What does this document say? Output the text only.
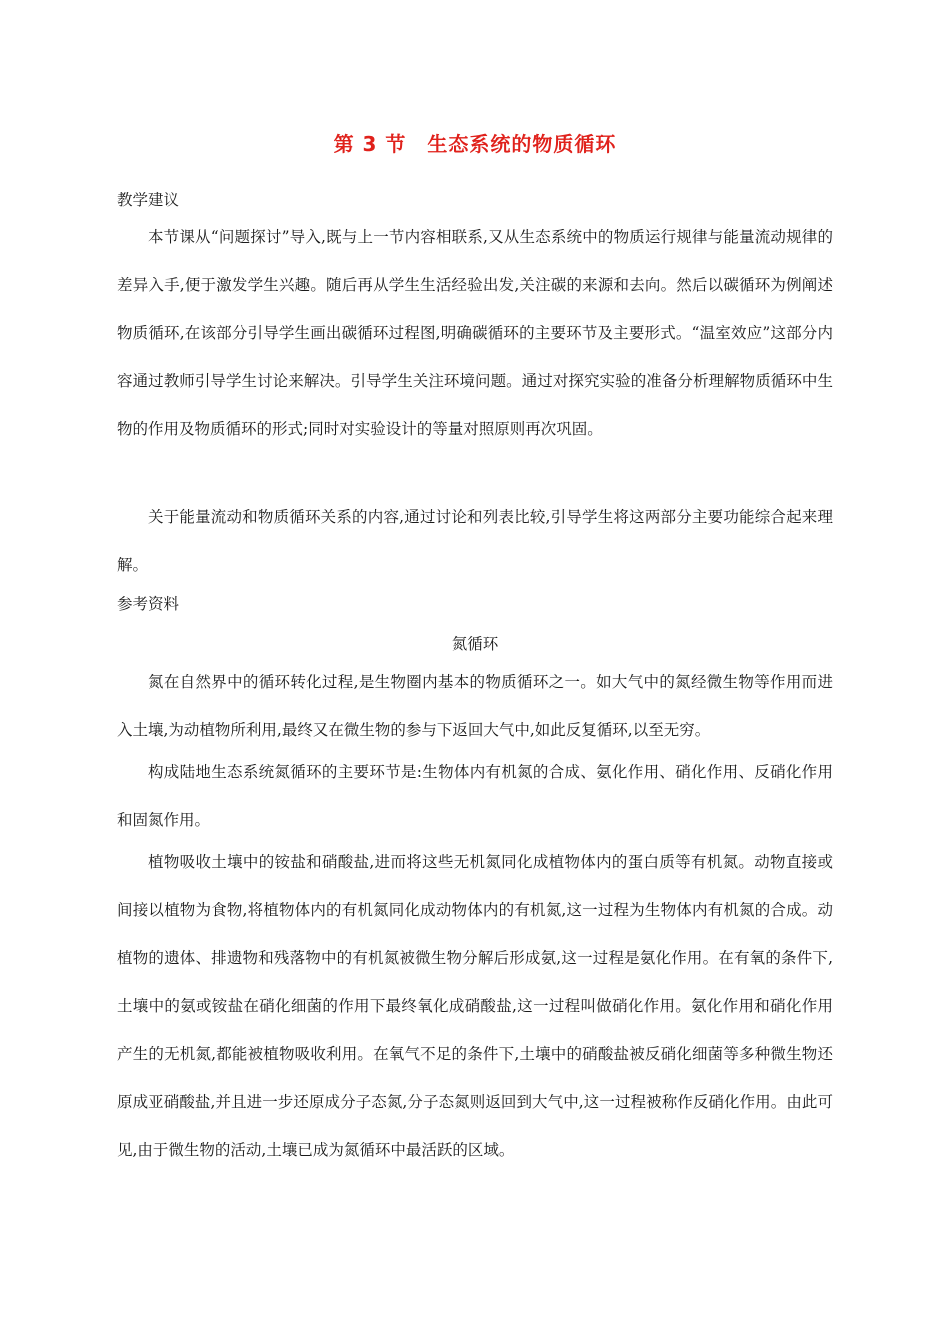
第 3 节　生态系统的物质循环
教学建议

本节课从“问题探讨”导入,既与上一节内容相联系,又从生态系统中的物质运行规律与能量流动规律的差异入手,便于激发学生兴趣。随后再从学生生活经验出发,关注碳的来源和去向。然后以碳循环为例阐述物质循环,在该部分引导学生画出碳循环过程图,明确碳循环的主要环节及主要形式。“温室效应”这部分内容通过教师引导学生讨论来解决。引导学生关注环境问题。通过对探究实验的准备分析理解物质循环中生物的作用及物质循环的形式;同时对实验设计的等量对照原则再次巩固。

关于能量流动和物质循环关系的内容,通过讨论和列表比较,引导学生将这两部分主要功能综合起来理解。

参考资料
氮循环

氮在自然界中的循环转化过程,是生物圈内基本的物质循环之一。如大气中的氮经微生物等作用而进入土壤,为动植物所利用,最终又在微生物的参与下返回大气中,如此反复循环,以至无穷。

构成陆地生态系统氮循环的主要环节是:生物体内有机氮的合成、氨化作用、硝化作用、反硝化作用和固氮作用。

植物吸收土壤中的铵盐和硝酸盐,进而将这些无机氮同化成植物体内的蛋白质等有机氮。动物直接或间接以植物为食物,将植物体内的有机氮同化成动物体内的有机氮,这一过程为生物体内有机氮的合成。动植物的遗体、排遗物和残落物中的有机氮被微生物分解后形成氨,这一过程是氨化作用。在有氧的条件下,土壤中的氨或铵盐在硝化细菌的作用下最终氧化成硝酸盐,这一过程叫做硝化作用。氨化作用和硝化作用产生的无机氮,都能被植物吸收利用。在氧气不足的条件下,土壤中的硝酸盐被反硝化细菌等多种微生物还原成亚硝酸盐,并且进一步还原成分子态氮,分子态氮则返回到大气中,这一过程被称作反硝化作用。由此可见,由于微生物的活动,土壤已成为氮循环中最活跃的区域。
